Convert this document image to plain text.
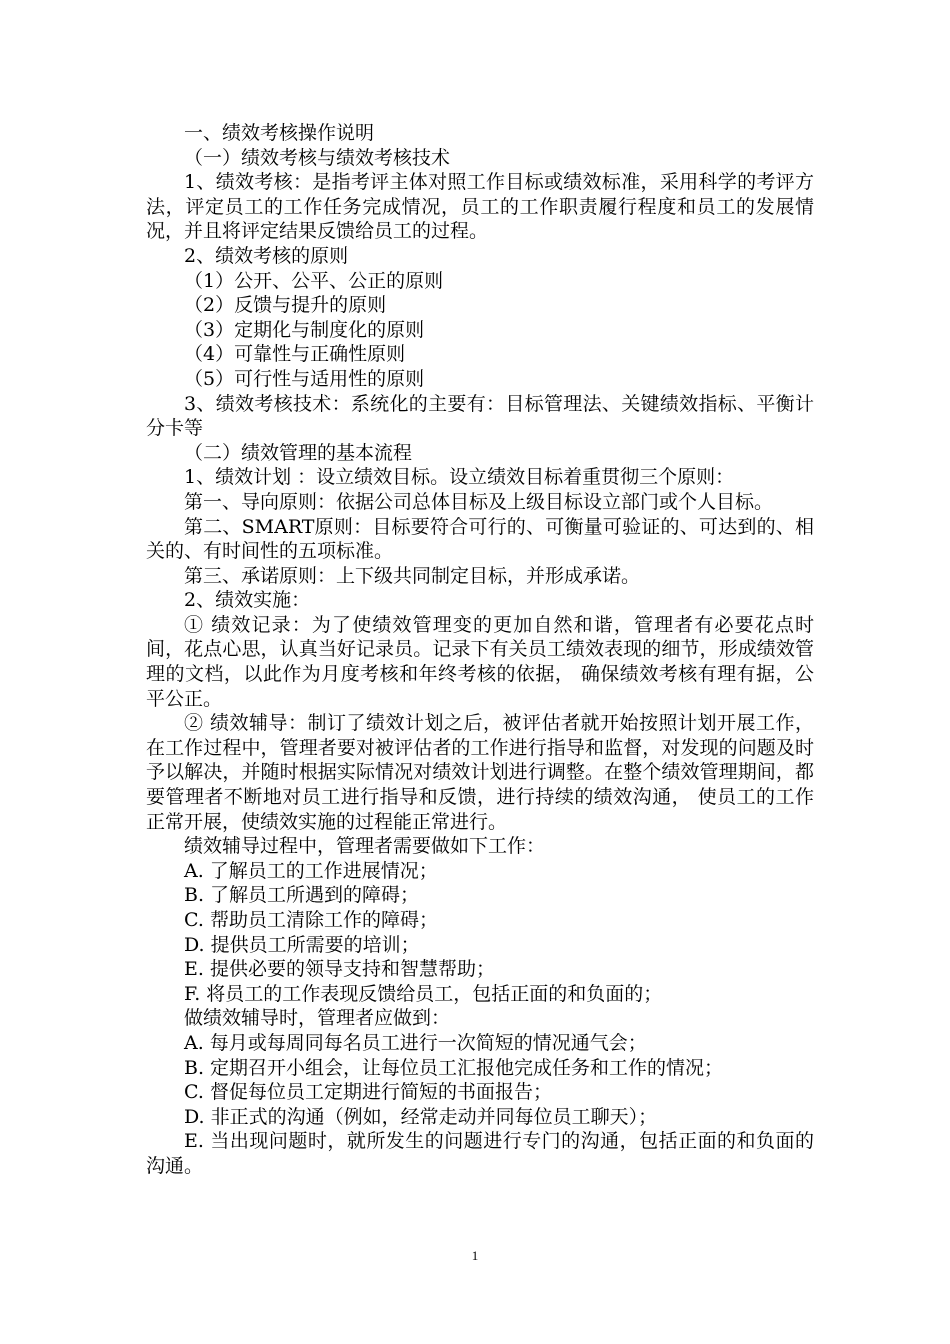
一、绩效考核操作说明

（一）绩效考核与绩效考核技术

1、绩效考核：是指考评主体对照工作目标或绩效标准，采用科学的考评方法，评定员工的工作任务完成情况，员工的工作职责履行程度和员工的发展情况，并且将评定结果反馈给员工的过程。

2、绩效考核的原则

（1）公开、公平、公正的原则

（2）反馈与提升的原则

（3）定期化与制度化的原则

（4）可靠性与正确性原则

（5）可行性与适用性的原则

3、绩效考核技术：系统化的主要有：目标管理法、关键绩效指标、平衡计分卡等

（二）绩效管理的基本流程

1、绩效计划 ：设立绩效目标。设立绩效目标着重贯彻三个原则：

第一、导向原则：依据公司总体目标及上级目标设立部门或个人目标。

第二、SMART原则：目标要符合可行的、可衡量可验证的、可达到的、相关的、有时间性的五项标准。

第三、承诺原则：上下级共同制定目标，并形成承诺。

2、绩效实施：

① 绩效记录：为了使绩效管理变的更加自然和谐，管理者有必要花点时间，花点心思，认真当好记录员。记录下有关员工绩效表现的细节，形成绩效管理的文档，以此作为月度考核和年终考核的依据， 确保绩效考核有理有据，公平公正。

② 绩效辅导：制订了绩效计划之后，被评估者就开始按照计划开展工作，在工作过程中，管理者要对被评估者的工作进行指导和监督，对发现的问题及时予以解决，并随时根据实际情况对绩效计划进行调整。在整个绩效管理期间，都要管理者不断地对员工进行指导和反馈，进行持续的绩效沟通， 使员工的工作正常开展，使绩效实施的过程能正常进行。

绩效辅导过程中，管理者需要做如下工作：

A. 了解员工的工作进展情况；

B. 了解员工所遇到的障碍；

C. 帮助员工清除工作的障碍；

D. 提供员工所需要的培训；

E. 提供必要的领导支持和智慧帮助；

F. 将员工的工作表现反馈给员工，包括正面的和负面的；

做绩效辅导时，管理者应做到：

A. 每月或每周同每名员工进行一次简短的情况通气会；

B. 定期召开小组会，让每位员工汇报他完成任务和工作的情况；

C. 督促每位员工定期进行简短的书面报告；

D. 非正式的沟通（例如，经常走动并同每位员工聊天）；

E. 当出现问题时，就所发生的问题进行专门的沟通，包括正面的和负面的沟通。

1
